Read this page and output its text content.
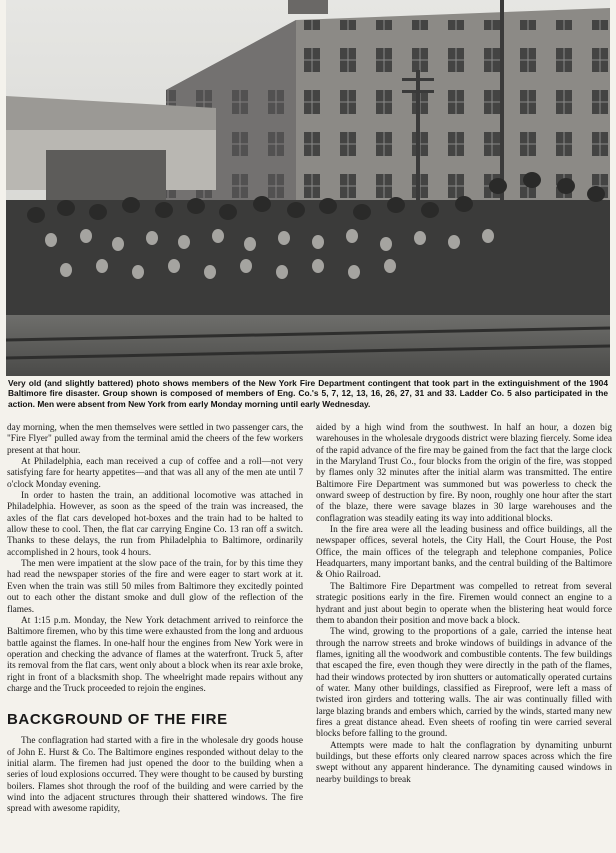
Very old (and slightly battered) photo shows members of the New York Fire Department contingent that took part in the extinguishment of the 1904 Baltimore fire disaster. Group shown is composed of members of Eng. Co.'s 5, 7, 12, 13, 16, 26, 27, 31 and 33. Ladder Co. 5 also participated in the action. Men were absent from New York from early Monday morning until early Wednesday.

day morning, when the men themselves were settled in two passenger cars, the "Fire Flyer" pulled away from the terminal amid the cheers of the few workers present at that hour.

At Philadelphia, each man received a cup of coffee and a roll—not very satisfying fare for hearty appetites—and that was all any of the men ate until 7 o'clock Monday evening.

In order to hasten the train, an additional locomotive was attached in Philadelphia. However, as soon as the speed of the train was increased, the axles of the flat cars developed hot-boxes and the train had to be halted to allow these to cool. Then, the flat car carrying Engine Co. 13 ran off a switch. Thanks to these delays, the run from Philadelphia to Baltimore, ordinarily accomplished in 2 hours, took 4 hours.

The men were impatient at the slow pace of the train, for by this time they had read the newspaper stories of the fire and were eager to start work at it. Even when the train was still 50 miles from Baltimore they excitedly pointed out to each other the distant smoke and dull glow of the reflection of the flames.

At 1:15 p.m. Monday, the New York detachment arrived to reinforce the Baltimore firemen, who by this time were exhausted from the long and arduous battle against the flames. In one-half hour the engines from New York were in operation and checking the advance of flames at the waterfront. Truck 5, after its removal from the flat cars, went only about a block when its rear axle broke, right in front of a blacksmith shop. The wheelright made repairs without any charge and the Truck proceeded to rejoin the engines.

BACKGROUND OF THE FIRE

The conflagration had started with a fire in the wholesale dry goods house of John E. Hurst & Co. The Baltimore engines responded without delay to the initial alarm. The firemen had just opened the door to the building when a series of loud explosions occurred. They were thought to be caused by bursting boilers. Flames shot through the roof of the building and were carried by the wind into the adjacent structures through their shattered windows. The fire spread with awesome rapidity,

aided by a high wind from the southwest. In half an hour, a dozen big warehouses in the wholesale drygoods district were blazing fiercely. Some idea of the rapid advance of the fire may be gained from the fact that the large clock in the Maryland Trust Co., four blocks from the origin of the fire, was stopped by flames only 32 minutes after the initial alarm was transmitted. The entire Baltimore Fire Department was summoned but was powerless to check the onward sweep of destruction by fire. By noon, roughly one hour after the start of the blaze, there were savage blazes in 30 large warehouses and the conflagration was steadily eating its way into additional blocks.

In the fire area were all the leading business and office buildings, all the newspaper offices, several hotels, the City Hall, the Court House, the Post Office, the main offices of the telegraph and telephone companies, Police Headquarters, many important banks, and the central building of the Baltimore & Ohio Railroad.

The Baltimore Fire Department was compelled to retreat from several strategic positions early in the fire. Firemen would connect an engine to a hydrant and just about begin to operate when the blistering heat would force them to abandon their position and move back a block.

The wind, growing to the proportions of a gale, carried the intense heat through the narrow streets and broke windows of buildings in advance of the flames, igniting all the woodwork and combustible contents. The few buildings that escaped the fire, even though they were directly in the path of the flames, had their windows protected by iron shutters or automatically operated curtains of water. Many other buildings, classified as Fireproof, were left a mass of twisted iron girders and tottering walls. The air was continually filled with large blazing brands and embers which, carried by the winds, started many new fires a great distance ahead. Even sheets of roofing tin were carried several blocks before falling to the ground.

Attempts were made to halt the conflagration by dynamiting unburnt buildings, but these efforts only cleared narrow spaces across which the fire swept without any apparent hinderance. The dynamiting caused windows in nearby buildings to break
